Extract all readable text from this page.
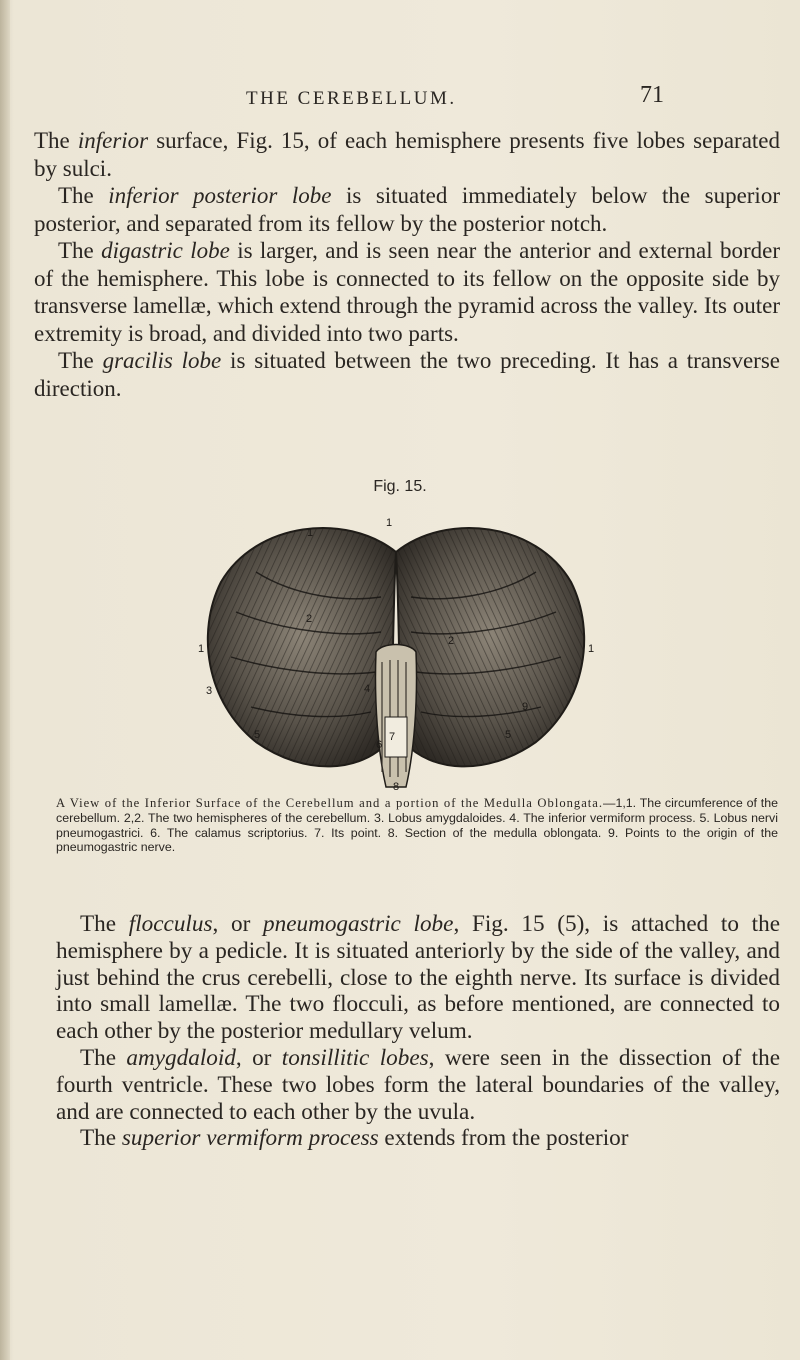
THE CEREBELLUM.	71

The inferior surface, Fig. 15, of each hemisphere presents five lobes separated by sulci.

The inferior posterior lobe is situated immediately below the superior posterior, and separated from its fellow by the posterior notch.

The digastric lobe is larger, and is seen near the anterior and external border of the hemisphere. This lobe is connected to its fellow on the opposite side by transverse lamellæ, which extend through the pyramid across the valley. Its outer extremity is broad, and divided into two parts.

The gracilis lobe is situated between the two preceding. It has a transverse direction.

Fig. 15.

1
1
1	1
2
2
3	4
5	5
6
7
8
9

A View of the Inferior Surface of the Cerebellum and a portion of the Medulla Oblongata.—1,1. The circumference of the cerebellum. 2,2. The two hemispheres of the cerebellum. 3. Lobus amygdaloides. 4. The inferior vermiform process. 5. Lobus nervi pneumogastrici. 6. The calamus scriptorius. 7. Its point. 8. Section of the medulla oblongata. 9. Points to the origin of the pneumogastric nerve.

The flocculus, or pneumogastric lobe, Fig. 15 (5), is attached to the hemisphere by a pedicle. It is situated anteriorly by the side of the valley, and just behind the crus cerebelli, close to the eighth nerve. Its surface is divided into small lamellæ. The two flocculi, as before mentioned, are connected to each other by the posterior medullary velum.

The amygdaloid, or tonsillitic lobes, were seen in the dissection of the fourth ventricle. These two lobes form the lateral boundaries of the valley, and are connected to each other by the uvula.

The superior vermiform process extends from the posterior
